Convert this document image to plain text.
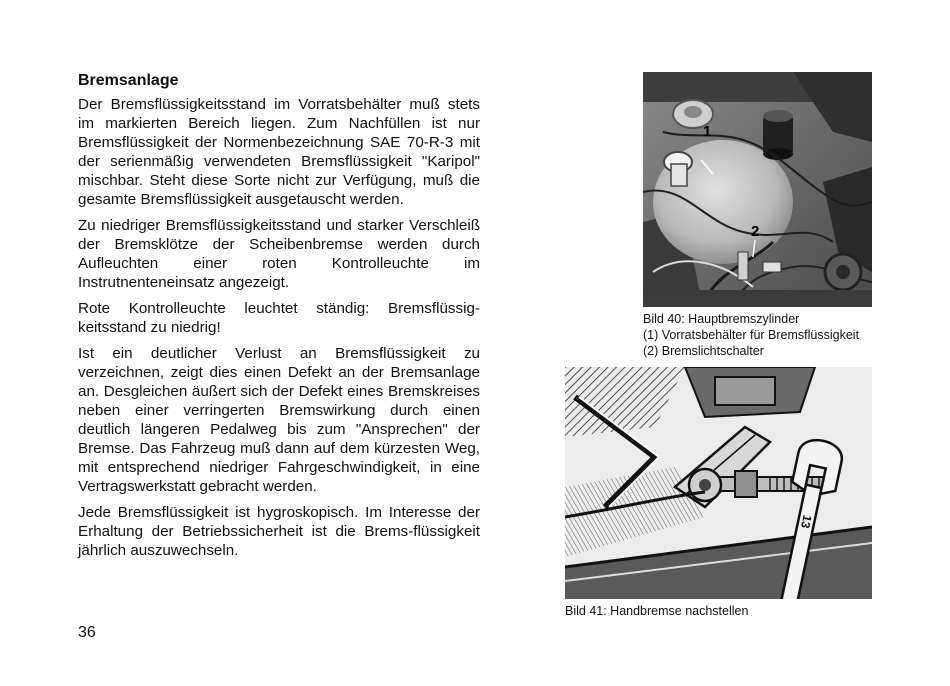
Bremsanlage

Der Bremsflüssigkeitsstand im Vorratsbehälter muß stets im markierten Bereich liegen. Zum Nachfüllen ist nur Bremsflüssigkeit der Normenbezeichnung SAE 70-R-3 mit der serienmäßig verwendeten Bremsflüssigkeit "Karipol" mischbar. Steht diese Sorte nicht zur Verfügung, muß die gesamte Bremsflüssigkeit ausgetauscht werden.

Zu niedriger Bremsflüssigkeitsstand und starker Verschleiß der Bremsklötze der Scheibenbremse werden durch Aufleuchten einer roten Kontrolleuchte im Instrutnenteneinsatz angezeigt.

Rote Kontrolleuchte leuchtet ständig: Bremsflüssig-keitsstand zu niedrig!

Ist ein deutlicher Verlust an Bremsflüssigkeit zu verzeichnen, zeigt dies einen Defekt an der Bremsanlage an. Desgleichen äußert sich der Defekt eines Bremskreises neben einer verringerten Bremswirkung durch einen deutlich längeren Pedalweg bis zum "Ansprechen" der Bremse. Das Fahrzeug muß dann auf dem kürzesten Weg, mit entsprechend niedriger Fahrgeschwindigkeit, in eine Vertragswerkstatt gebracht werden.

Jede Bremsflüssigkeit ist hygroskopisch. Im Interesse der Erhaltung der Betriebssicherheit ist die Brems-flüssigkeit jährlich auszuwechseln.

36
1
2
Bild 40: Hauptbremszylinder
(1) Vorratsbehälter für Bremsflüssigkeit
(2) Bremslichtschalter
13
Bild 41: Handbremse nachstellen
